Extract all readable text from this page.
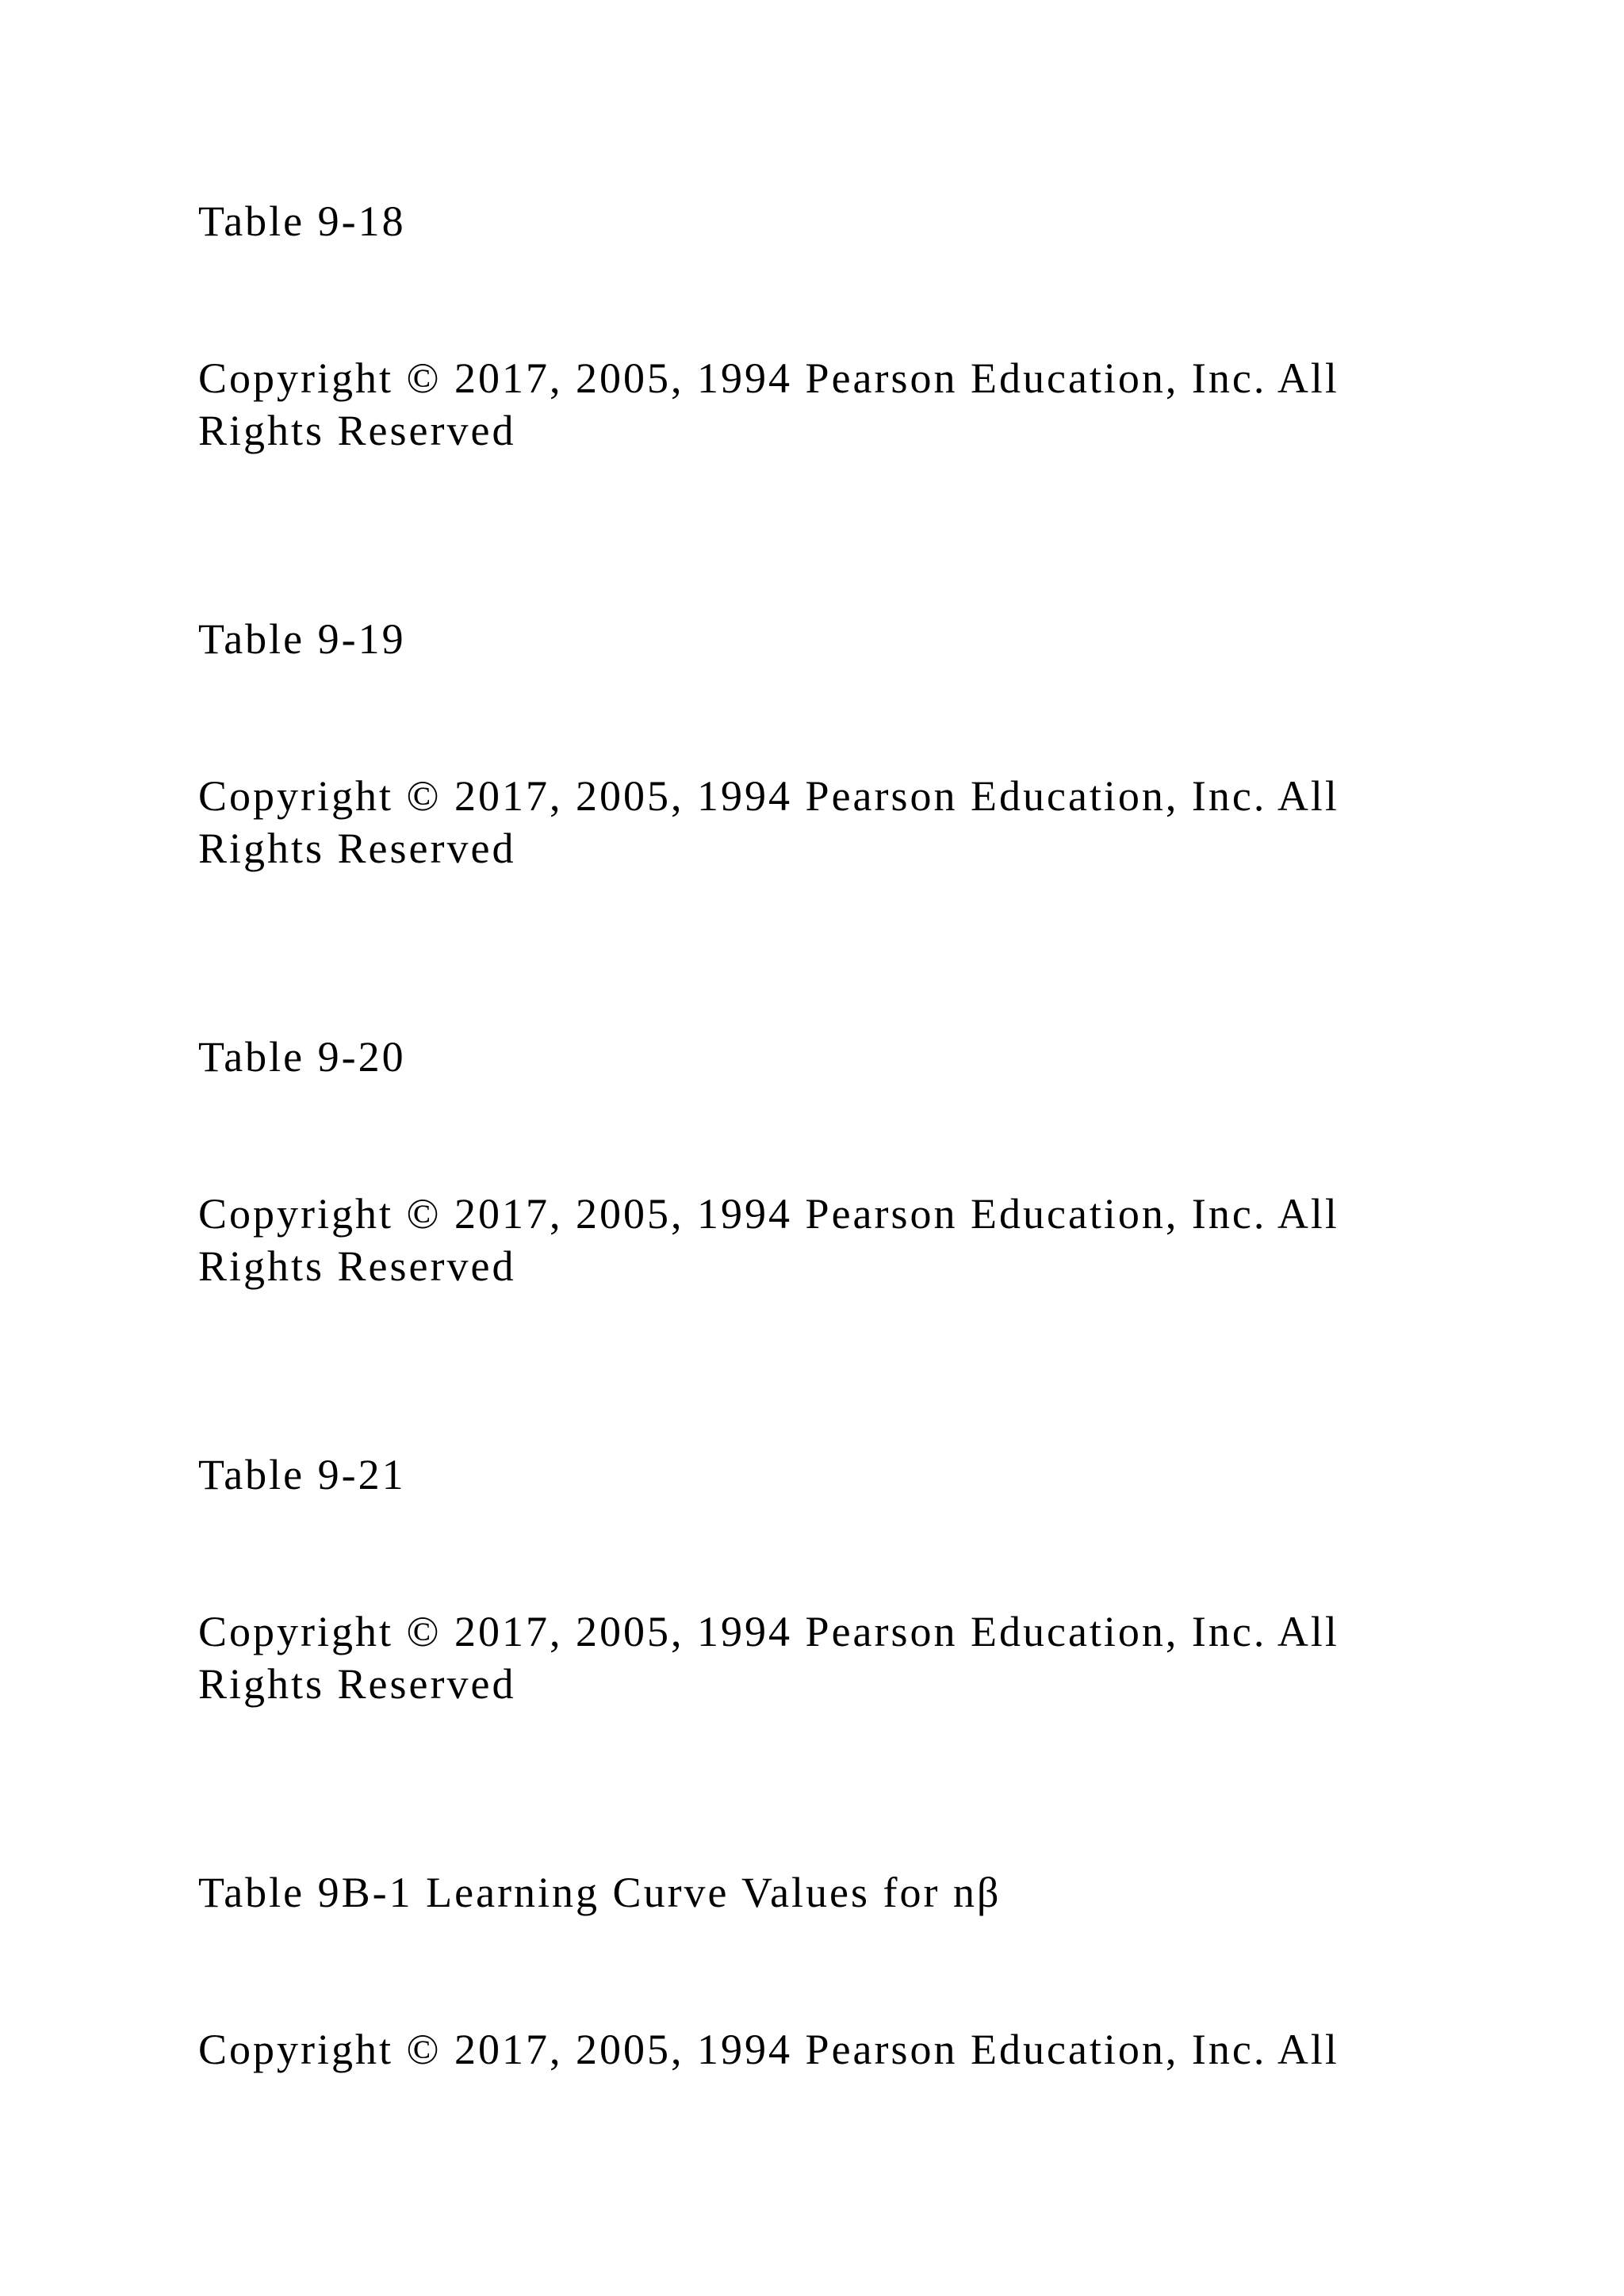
Table 9-18

Copyright © 2017, 2005, 1994 Pearson Education, Inc. All
Rights Reserved

Table 9-19

Copyright © 2017, 2005, 1994 Pearson Education, Inc. All
Rights Reserved

Table 9-20

Copyright © 2017, 2005, 1994 Pearson Education, Inc. All
Rights Reserved

Table 9-21

Copyright © 2017, 2005, 1994 Pearson Education, Inc. All
Rights Reserved

Table 9B-1 Learning Curve Values for nβ

Copyright © 2017, 2005, 1994 Pearson Education, Inc. All
